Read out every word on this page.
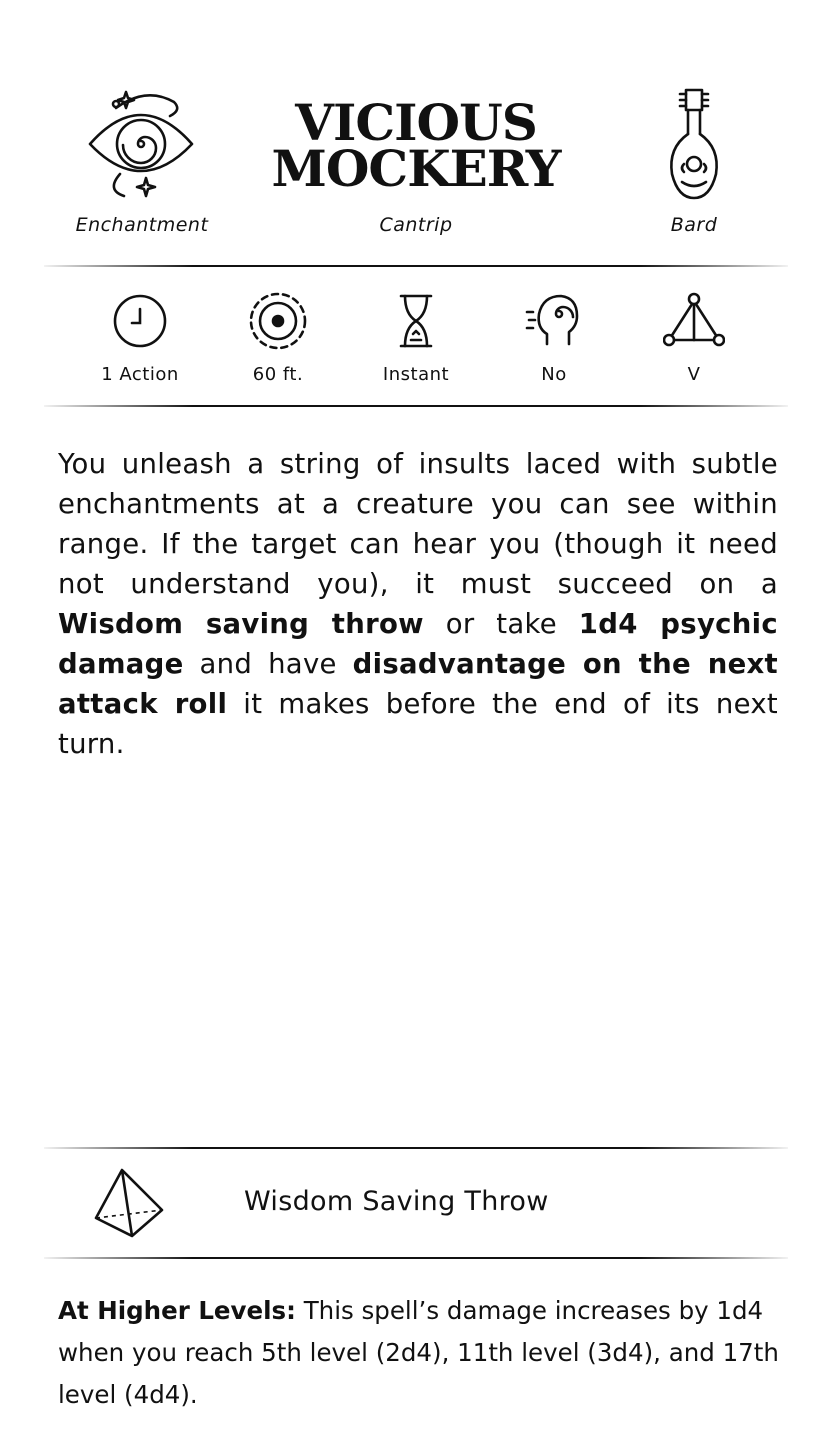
VICIOUS
MOCKERY
Enchantment	Cantrip	Bard
1 Action	60 ft.	Instant	No	V

You unleash a string of insults laced with subtle enchantments at a creature you can see within range. If the target can hear you (though it need not understand you), it must succeed on a Wisdom saving throw or take 1d4 psychic damage and have disadvantage on the next attack roll it makes before the end of its next turn.

Wisdom Saving Throw

At Higher Levels: This spell’s damage increases by 1d4 when you reach 5th level (2d4), 11th level (3d4), and 17th level (4d4).
